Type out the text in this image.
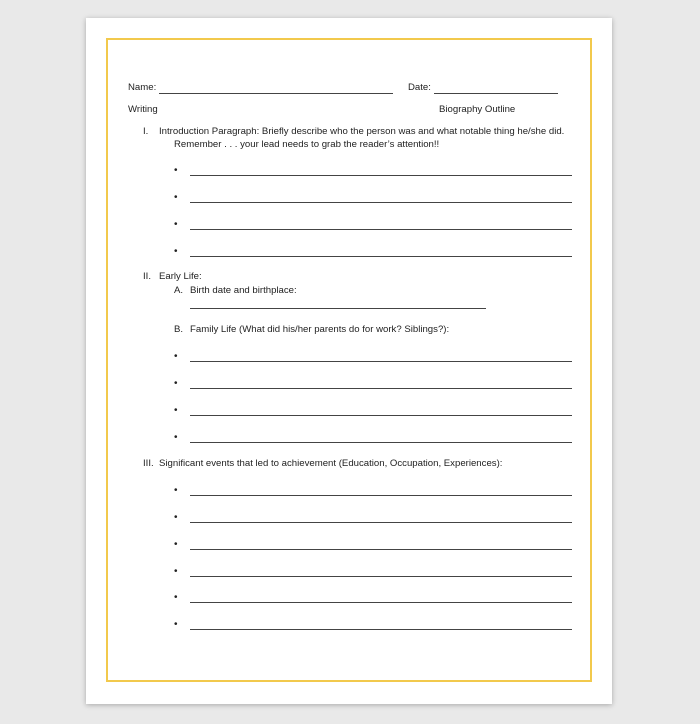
Name:	Date:
Writing	Biography Outline
I. Introduction Paragraph: Briefly describe who the person was and what notable thing he/she did.
Remember . . . your lead needs to grab the reader’s attention!!
•
•
•
•
II. Early Life:
A. Birth date and birthplace:
B. Family Life (What did his/her parents do for work? Siblings?):
•
•
•
•
III. Significant events that led to achievement (Education, Occupation, Experiences):
•
•
•
•
•
•
